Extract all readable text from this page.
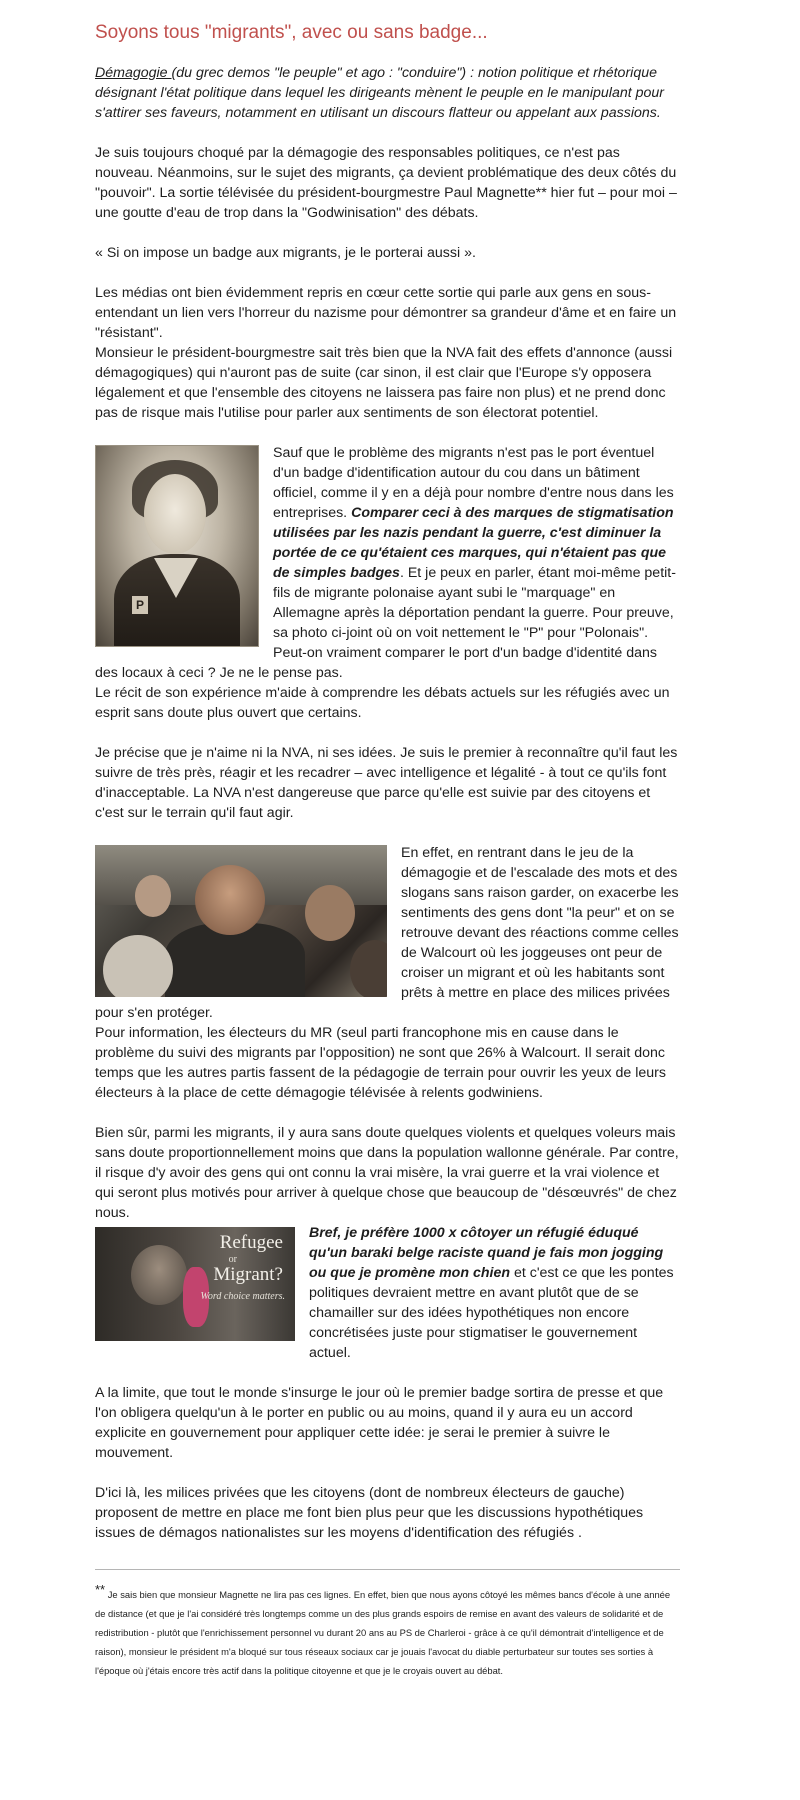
Soyons tous "migrants", avec ou sans badge...

Démagogie (du grec demos "le peuple" et ago : "conduire") : notion politique et rhétorique désignant l'état politique dans lequel les dirigeants mènent le peuple en le manipulant pour s'attirer ses faveurs, notamment en utilisant un discours flatteur ou appelant aux passions.

Je suis toujours choqué par la démagogie des responsables politiques, ce n'est pas nouveau. Néanmoins, sur le sujet des migrants, ça devient problématique des deux côtés du "pouvoir". La sortie télévisée du président-bourgmestre Paul Magnette** hier fut – pour moi – une goutte d'eau de trop dans la "Godwinisation" des débats.

« Si on impose un badge aux migrants, je le porterai aussi ».

Les médias ont bien évidemment repris en cœur cette sortie qui parle aux gens en sous-entendant un lien vers l'horreur du nazisme pour démontrer sa grandeur d'âme et en faire un "résistant".

Monsieur le président-bourgmestre sait très bien que la NVA fait des effets d'annonce (aussi démagogiques) qui n'auront pas de suite (car sinon, il est clair que l'Europe s'y opposera légalement et que l'ensemble des citoyens ne laissera pas faire non plus) et ne prend donc pas de risque mais l'utilise pour parler aux sentiments de son électorat potentiel.

P

Sauf que le problème des migrants n'est pas le port éventuel d'un badge d'identification autour du cou dans un bâtiment officiel, comme il y en a déjà pour nombre d'entre nous dans les entreprises. Comparer ceci à des marques de stigmatisation utilisées par les nazis pendant la guerre, c'est diminuer la portée de ce qu'étaient ces marques, qui n'étaient pas que de simples badges. Et je peux en parler, étant moi-même petit-fils de migrante polonaise ayant subi le "marquage" en Allemagne après la déportation pendant la guerre. Pour preuve, sa photo ci-joint où on voit nettement le "P" pour "Polonais". Peut-on vraiment comparer le port d'un badge d'identité dans des locaux à ceci ? Je ne le pense pas.

Le récit de son expérience m'aide à comprendre les débats actuels sur les réfugiés avec un esprit sans doute plus ouvert que certains.

Je précise que je n'aime ni la NVA, ni ses idées. Je suis le premier à reconnaître qu'il faut les suivre de très près, réagir et les recadrer – avec intelligence et légalité - à tout ce qu'ils font d'inacceptable. La NVA n'est dangereuse que parce qu'elle est suivie par des citoyens et c'est sur le terrain qu'il faut agir.

En effet, en rentrant dans le jeu de la démagogie et de l'escalade des mots et des slogans sans raison garder, on exacerbe les sentiments des gens dont "la peur" et on se retrouve devant des réactions comme celles de Walcourt où les joggeuses ont peur de croiser un migrant et où les habitants sont prêts à mettre en place des milices privées pour s'en protéger.

Pour information, les électeurs du MR (seul parti francophone mis en cause dans le problème du suivi des migrants par l'opposition) ne sont que 26% à Walcourt. Il serait donc temps que les autres partis fassent de la pédagogie de terrain pour ouvrir les yeux de leurs électeurs à la place de cette démagogie télévisée à relents godwiniens.

Bien sûr, parmi les migrants, il y aura sans doute quelques violents et quelques voleurs mais sans doute proportionnellement moins que dans la population wallonne générale. Par contre, il risque d'y avoir des gens qui ont connu la vrai misère, la vrai guerre et la vrai violence et qui seront plus motivés pour arriver à quelque chose que beaucoup de "désœuvrés" de chez nous.

Refugee
or
Migrant?
Word choice matters.

Bref, je préfère 1000 x côtoyer un réfugié éduqué qu'un baraki belge raciste quand je fais mon jogging ou que je promène mon chien et c'est ce que les pontes politiques devraient mettre en avant plutôt que de se chamailler sur des idées hypothétiques non encore concrétisées juste pour stigmatiser le gouvernement actuel.

A la limite, que tout le monde s'insurge le jour où le premier badge sortira de presse et que l'on obligera quelqu'un à le porter en public ou au moins, quand il y aura eu un accord explicite en gouvernement pour appliquer cette idée: je serai le premier à suivre le mouvement.

D'ici là, les milices privées que les citoyens (dont de nombreux électeurs de gauche) proposent de mettre en place me font bien plus peur que les discussions hypothétiques issues de démagos nationalistes sur les moyens d'identification des réfugiés .

** Je sais bien que monsieur Magnette ne lira pas ces lignes. En effet, bien que nous ayons côtoyé les mêmes bancs d'école à une année de distance (et que je l'ai considéré très longtemps comme un des plus grands espoirs de remise en avant des valeurs de solidarité et de redistribution - plutôt que l'enrichissement personnel vu durant 20 ans au PS de Charleroi - grâce à ce qu'il démontrait d'intelligence et de raison), monsieur le président m'a bloqué sur tous réseaux sociaux car je jouais l'avocat du diable perturbateur sur toutes ses sorties à l'époque où j'étais encore très actif dans la politique citoyenne et que je le croyais ouvert au débat.
